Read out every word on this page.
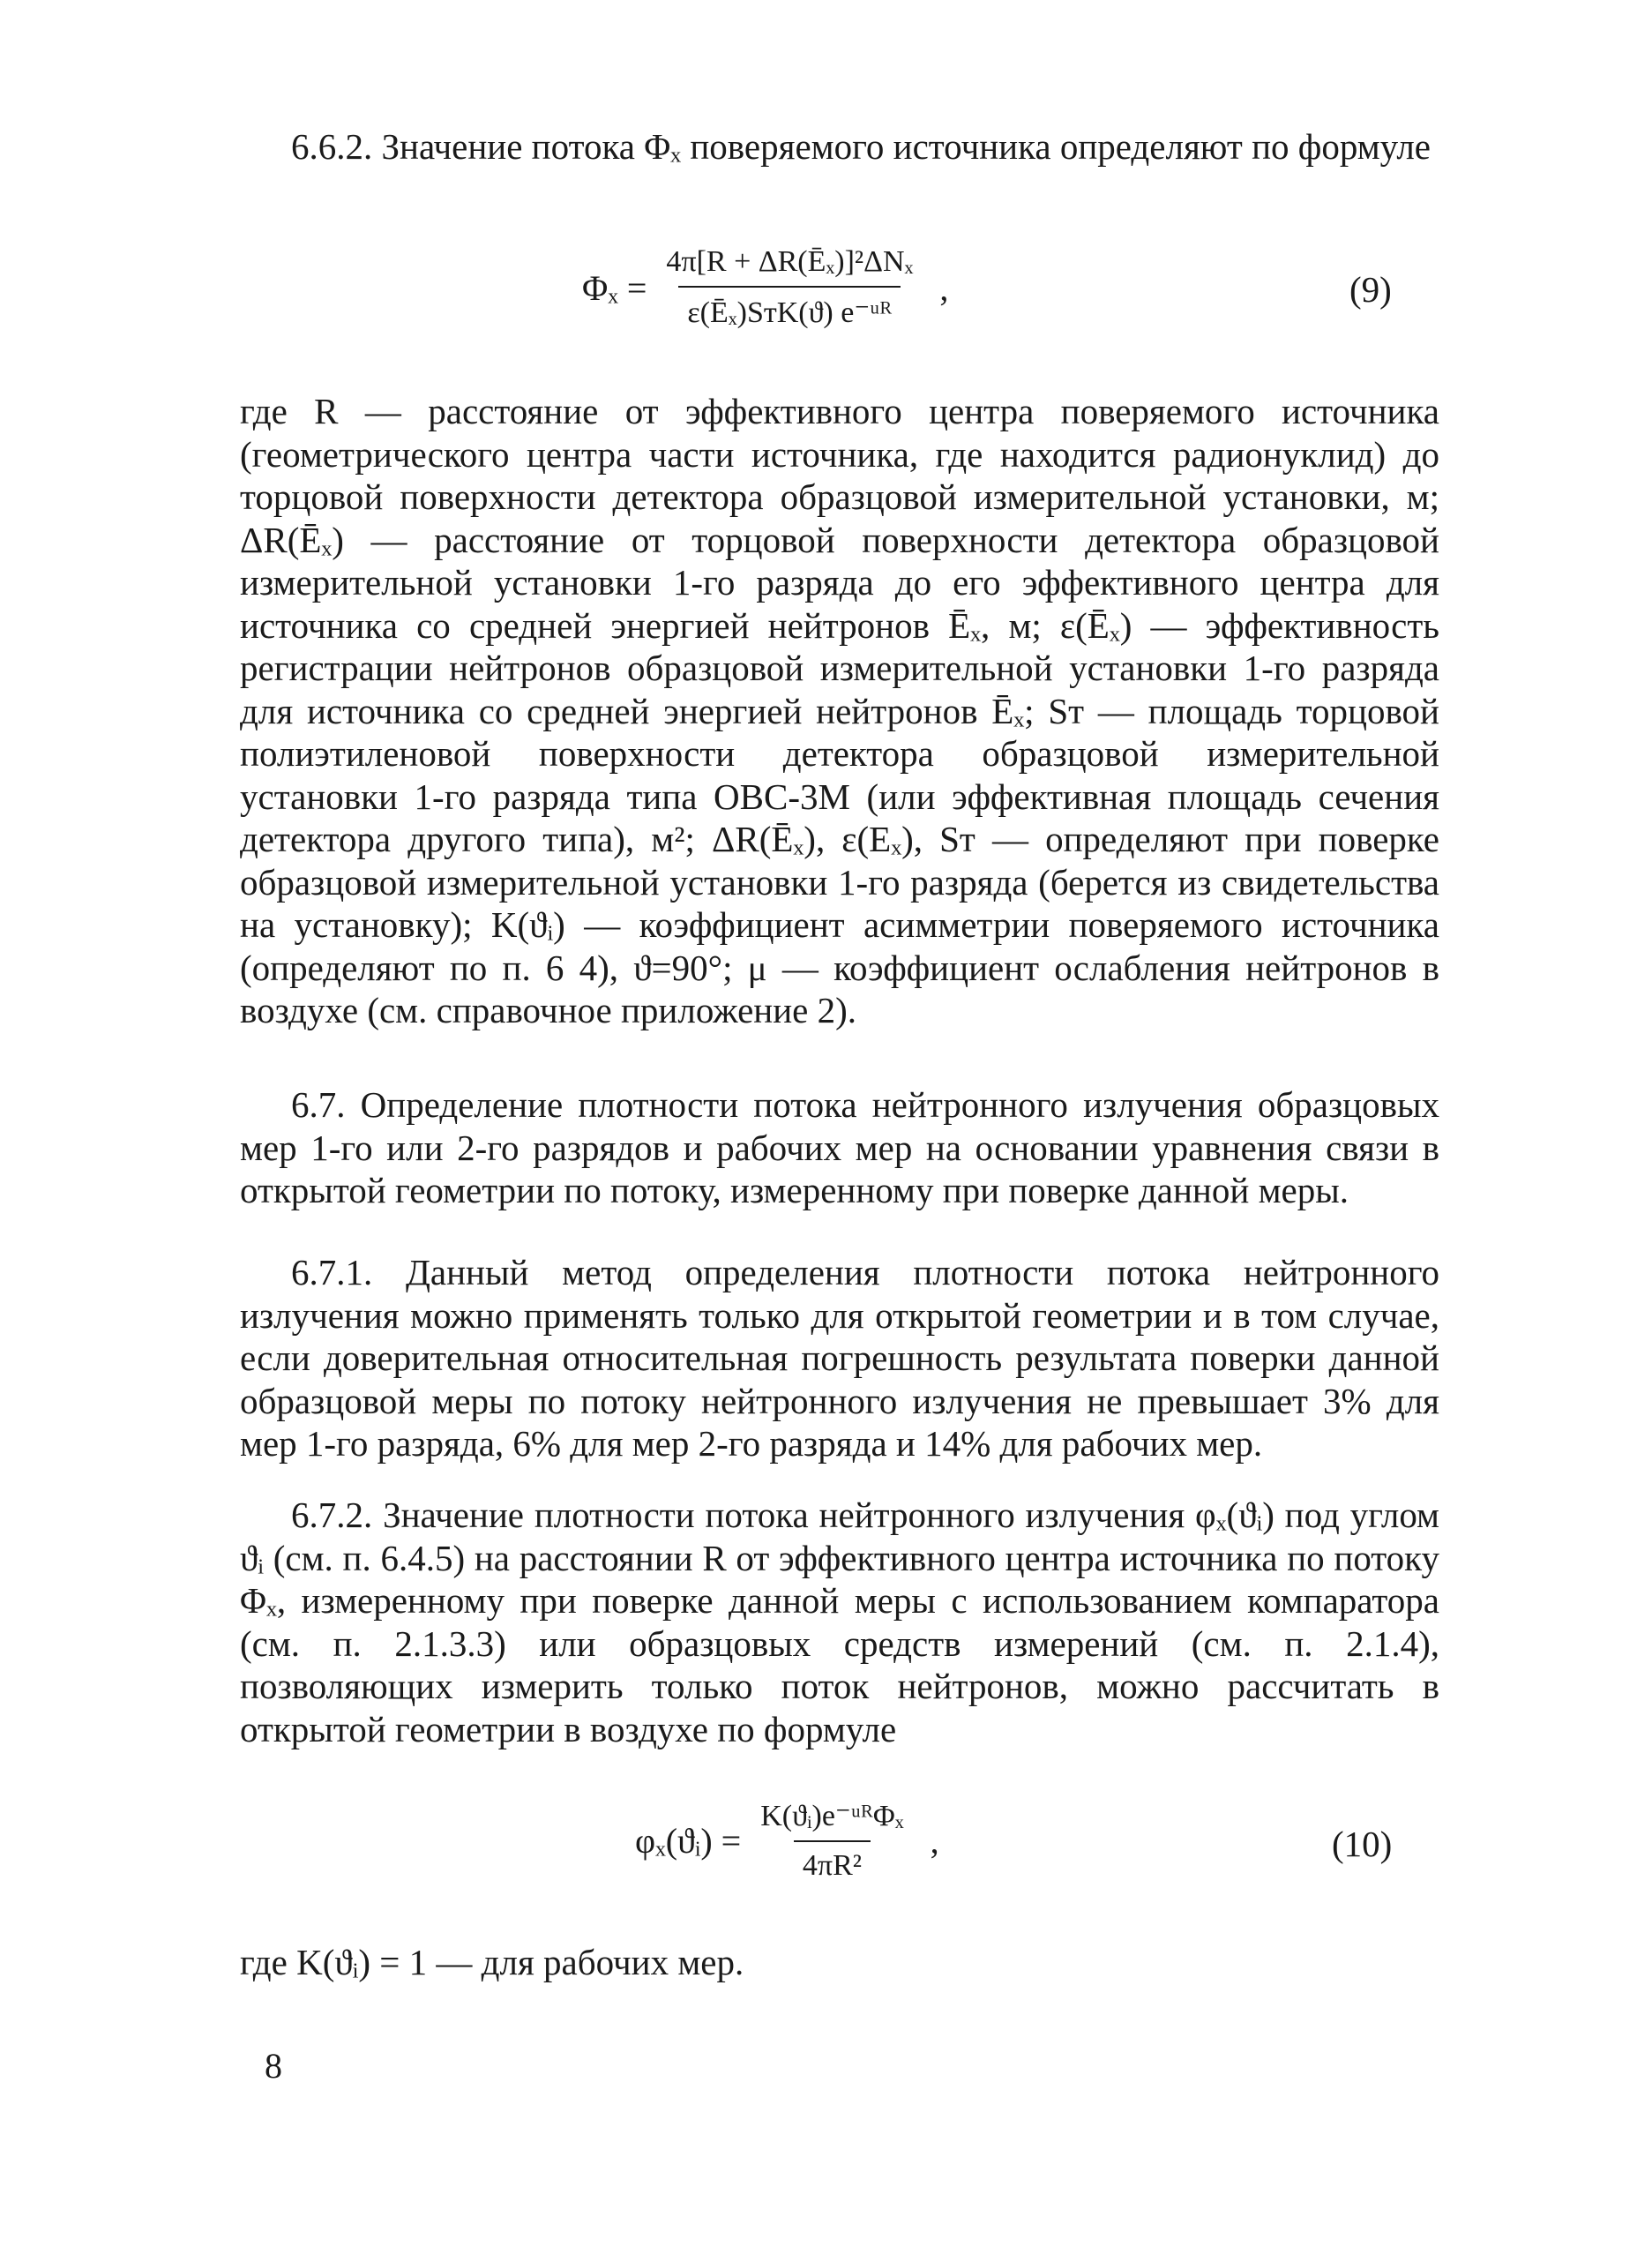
6.6.2. Значение потока Φₓ поверяемого источника определяют по формуле

$\Phi_x = \frac{\text{4π[R + ΔR(Ēₓ)]²ΔNₓ}}{\text{ε(Ēₓ)SтK(ϑ) e⁻ᵘᴿ}}$ ,	(9)

где R — расстояние от эффективного центра поверяемого источника (геометрического центра части источника, где находится радионуклид) до торцовой поверхности детектора образцовой измерительной установки, м; ΔR(Ēₓ) — расстояние от торцовой поверхности детектора образцовой измерительной установки 1-го разряда до его эффективного центра для источника со средней энергией нейтронов Ēₓ, м; ε(Ēₓ) — эффективность регистрации нейтронов образцовой измерительной установки 1-го разряда для источника со средней энергией нейтронов Ēₓ; Sт — площадь торцовой полиэтиленовой поверхности детектора образцовой измерительной установки 1-го разряда типа ОВС-3М (или эффективная площадь сечения детектора другого типа), м²; ΔR(Ēₓ), ε(Eₓ), Sт — определяют при поверке образцовой измерительной установки 1-го разряда (берется из свидетельства на установку); K(ϑᵢ) — коэффициент асимметрии поверяемого источника (определяют по п. 6 4), ϑ=90°; μ — коэффициент ослабления нейтронов в воздухе (см. справочное приложение 2).

6.7. Определение плотности потока нейтронного излучения образцовых мер 1-го или 2-го разрядов и рабочих мер на основании уравнения связи в открытой геометрии по потоку, измеренному при поверке данной меры.

6.7.1. Данный метод определения плотности потока нейтронного излучения можно применять только для открытой геометрии и в том случае, если доверительная относительная погрешность результата поверки данной образцовой меры по потоку нейтронного излучения не превышает 3% для мер 1-го разряда, 6% для мер 2-го разряда и 14% для рабочих мер.

6.7.2. Значение плотности потока нейтронного излучения φₓ(ϑᵢ) под углом ϑᵢ (см. п. 6.4.5) на расстоянии R от эффективного центра источника по потоку Φₓ, измеренному при поверке данной меры с использованием компаратора (см. п. 2.1.3.3) или образцовых средств измерений (см. п. 2.1.4), позволяющих измерить только поток нейтронов, можно рассчитать в открытой геометрии в воздухе по формуле

φₓ(ϑᵢ) = $\frac{\text{K(ϑᵢ)e⁻ᵘᴿΦₓ}}{\text{4πR²}}$ ,	(10)

где K(ϑᵢ) = 1 — для рабочих мер.

8
